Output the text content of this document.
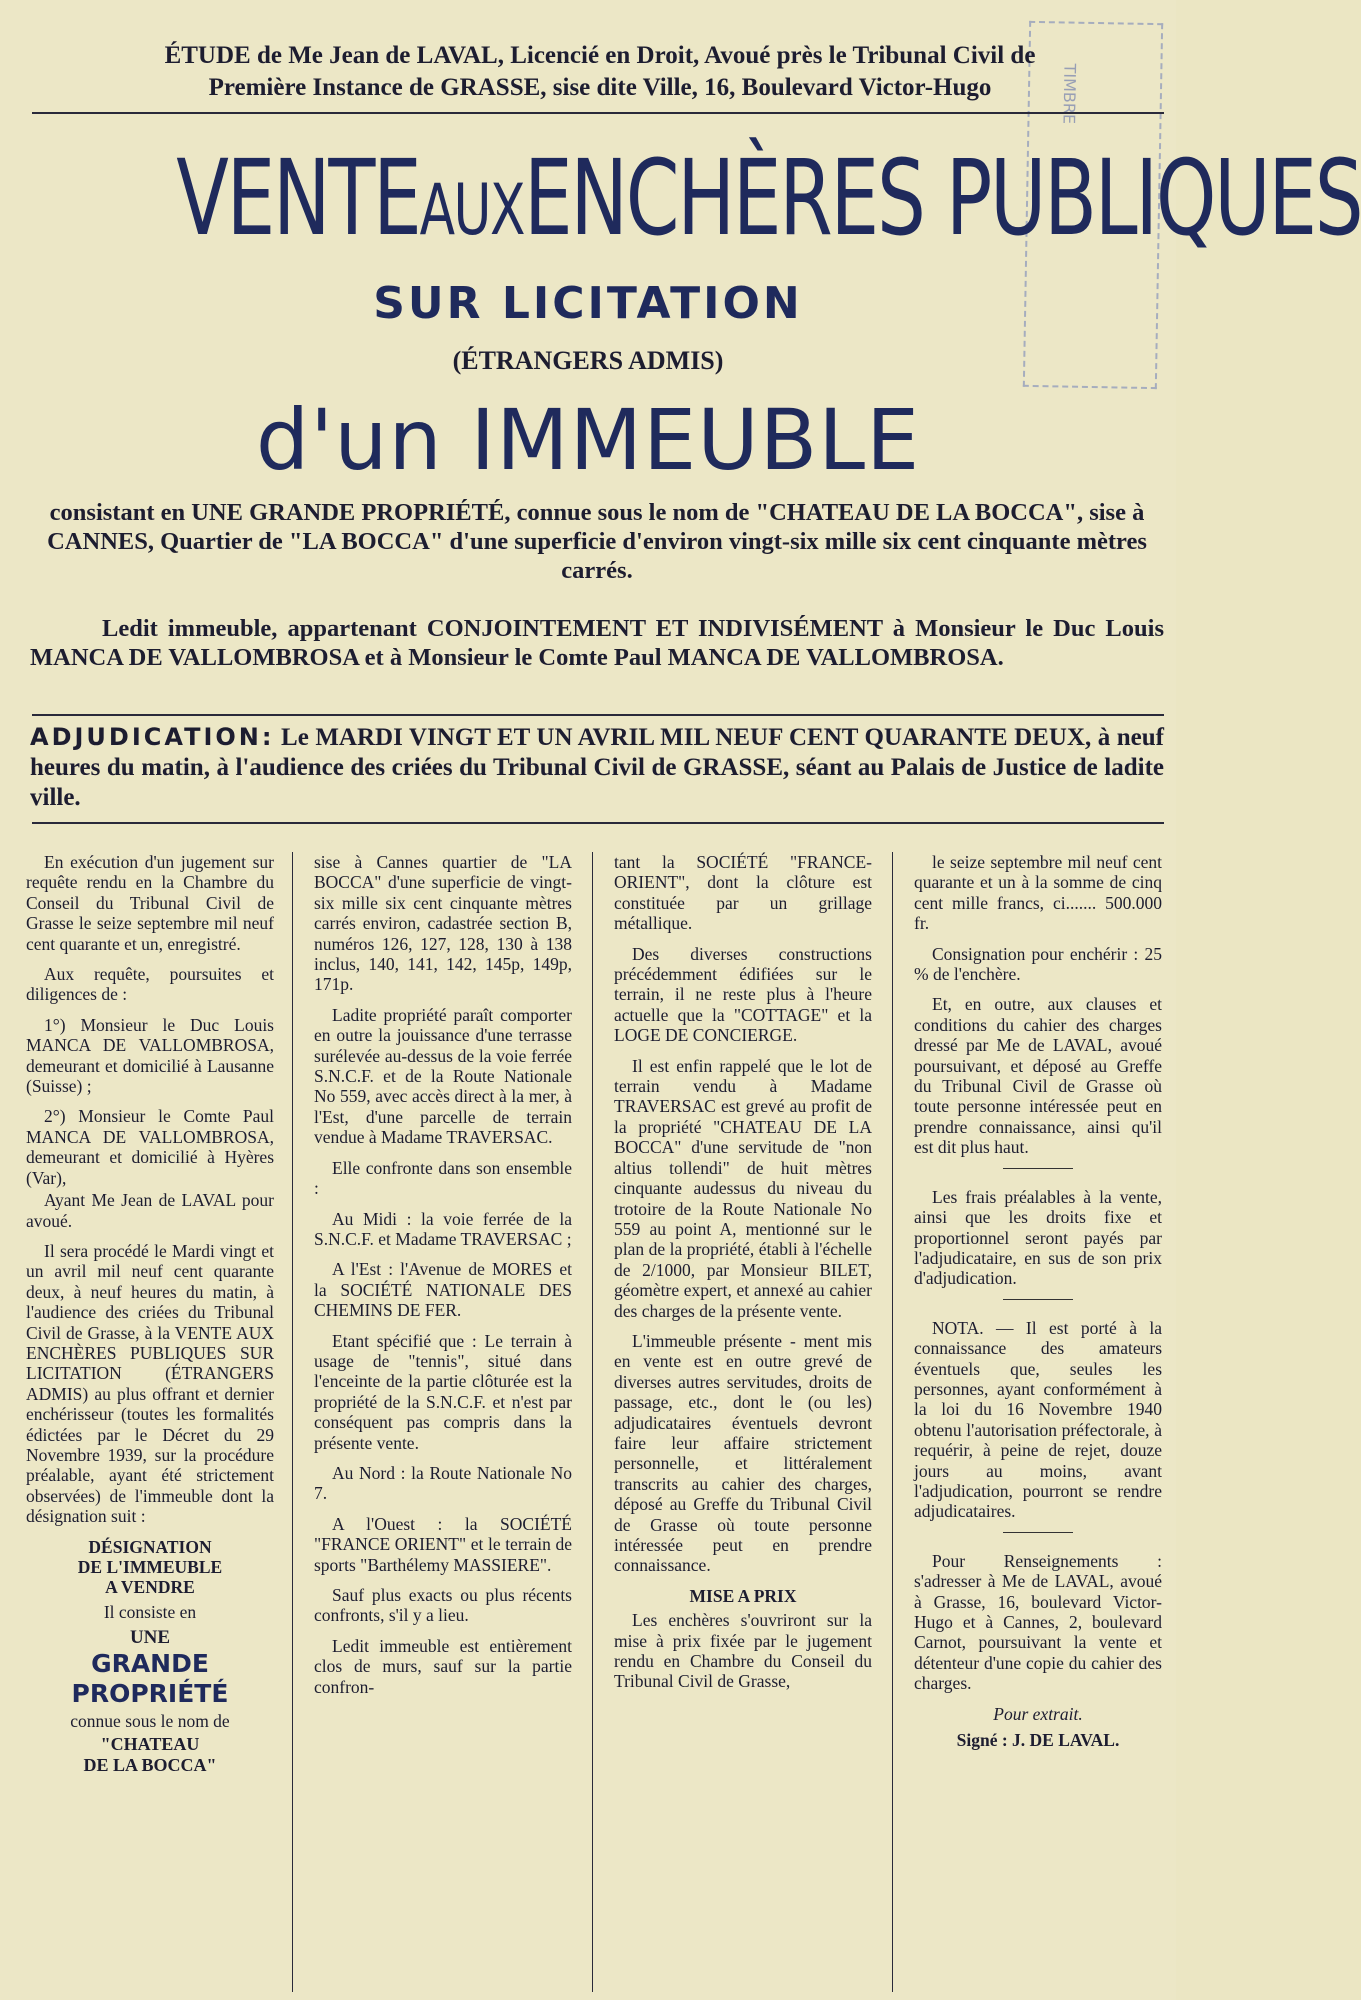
TIMBRE
ÉTUDE de Me Jean de LAVAL, Licencié en Droit, Avoué près le Tribunal Civil de
Première Instance de GRASSE, sise dite Ville, 16, Boulevard Victor-Hugo
VENTEAUXENCHÈRES PUBLIQUES
SUR LICITATION
(ÉTRANGERS ADMIS)
d'un IMMEUBLE
consistant en UNE GRANDE PROPRIÉTÉ, connue sous le nom de "CHATEAU DE LA BOCCA", sise à CANNES, Quartier de "LA BOCCA" d'une superficie d'environ vingt-six mille six cent cinquante mètres carrés.
Ledit immeuble, appartenant CONJOINTEMENT ET INDIVISÉMENT à Monsieur le Duc Louis MANCA DE VALLOMBROSA et à Monsieur le Comte Paul MANCA DE VALLOMBROSA.
ADJUDICATION: Le MARDI VINGT ET UN AVRIL MIL NEUF CENT QUARANTE DEUX, à neuf heures du matin, à l'audience des criées du Tribunal Civil de GRASSE, séant au Palais de Justice de ladite ville.

En exécution d'un jugement sur requête rendu en la Chambre du Conseil du Tribunal Civil de Grasse le seize septembre mil neuf cent quarante et un, enregistré.

Aux requête, poursuites et diligences de :

1°) Monsieur le Duc Louis MANCA DE VALLOMBROSA, demeurant et domicilié à Lausanne (Suisse) ;

2°) Monsieur le Comte Paul MANCA DE VALLOMBROSA, demeurant et domicilié à Hyères (Var),

Ayant Me Jean de LAVAL pour avoué.

Il sera procédé le Mardi vingt et un avril mil neuf cent quarante deux, à neuf heures du matin, à l'audience des criées du Tribunal Civil de Grasse, à la VENTE AUX ENCHÈRES PUBLIQUES SUR LICITATION (ÉTRANGERS ADMIS) au plus offrant et dernier enchérisseur (toutes les formalités édictées par le Décret du 29 Novembre 1939, sur la procédure préalable, ayant été strictement observées) de l'immeuble dont la désignation suit :

DÉSIGNATION

DE L'IMMEUBLE

A VENDRE

Il consiste en

UNE
GRANDE
PROPRIÉTÉ

connue sous le nom de

"CHATEAU
DE LA BOCCA"

sise à Cannes quartier de "LA BOCCA" d'une superficie de vingt-six mille six cent cinquante mètres carrés environ, cadastrée section B, numéros 126, 127, 128, 130 à 138 inclus, 140, 141, 142, 145p, 149p, 171p.

Ladite propriété paraît comporter en outre la jouissance d'une terrasse surélevée au-dessus de la voie ferrée S.N.C.F. et de la Route Nationale No 559, avec accès direct à la mer, à l'Est, d'une parcelle de terrain vendue à Madame TRAVERSAC.

Elle confronte dans son ensemble :

Au Midi : la voie ferrée de la S.N.C.F. et Madame TRAVERSAC ;

A l'Est : l'Avenue de MORES et la SOCIÉTÉ NATIONALE DES CHEMINS DE FER.

Etant spécifié que : Le terrain à usage de "tennis", situé dans l'enceinte de la partie clôturée est la propriété de la S.N.C.F. et n'est par conséquent pas compris dans la présente vente.

Au Nord : la Route Nationale No 7.

A l'Ouest : la SOCIÉTÉ "FRANCE ORIENT" et le terrain de sports "Barthélemy MASSIERE".

Sauf plus exacts ou plus récents confronts, s'il y a lieu.

Ledit immeuble est entièrement clos de murs, sauf sur la partie confron-

tant la SOCIÉTÉ "FRANCE-ORIENT", dont la clôture est constituée par un grillage métallique.

Des diverses constructions précédemment édifiées sur le terrain, il ne reste plus à l'heure actuelle que la "COTTAGE" et la LOGE DE CONCIERGE.

Il est enfin rappelé que le lot de terrain vendu à Madame TRAVERSAC est grevé au profit de la propriété "CHATEAU DE LA BOCCA" d'une servitude de "non altius tollendi" de huit mètres cinquante audessus du niveau du trotoire de la Route Nationale No 559 au point A, mentionné sur le plan de la propriété, établi à l'échelle de 2/1000, par Monsieur BILET, géomètre expert, et annexé au cahier des charges de la présente vente.

L'immeuble présente - ment mis en vente est en outre grevé de diverses autres servitudes, droits de passage, etc., dont le (ou les) adjudicataires éventuels devront faire leur affaire strictement personnelle, et littéralement transcrits au cahier des charges, déposé au Greffe du Tribunal Civil de Grasse où toute personne intéressée peut en prendre connaissance.

MISE A PRIX

Les enchères s'ouvriront sur la mise à prix fixée par le jugement rendu en Chambre du Conseil du Tribunal Civil de Grasse,

le seize septembre mil neuf cent quarante et un à la somme de cinq cent mille francs, ci....... 500.000 fr.

Consignation pour enchérir : 25 % de l'enchère.

Et, en outre, aux clauses et conditions du cahier des charges dressé par Me de LAVAL, avoué poursuivant, et déposé au Greffe du Tribunal Civil de Grasse où toute personne intéressée peut en prendre connaissance, ainsi qu'il est dit plus haut.

Les frais préalables à la vente, ainsi que les droits fixe et proportionnel seront payés par l'adjudicataire, en sus de son prix d'adjudication.

NOTA. — Il est porté à la connaissance des amateurs éventuels que, seules les personnes, ayant conformément à la loi du 16 Novembre 1940 obtenu l'autorisation préfectorale, à requérir, à peine de rejet, douze jours au moins, avant l'adjudication, pourront se rendre adjudicataires.

Pour Renseignements : s'adresser à Me de LAVAL, avoué à Grasse, 16, boulevard Victor-Hugo et à Cannes, 2, boulevard Carnot, poursuivant la vente et détenteur d'une copie du cahier des charges.

Pour extrait.

Signé : J. DE LAVAL.
